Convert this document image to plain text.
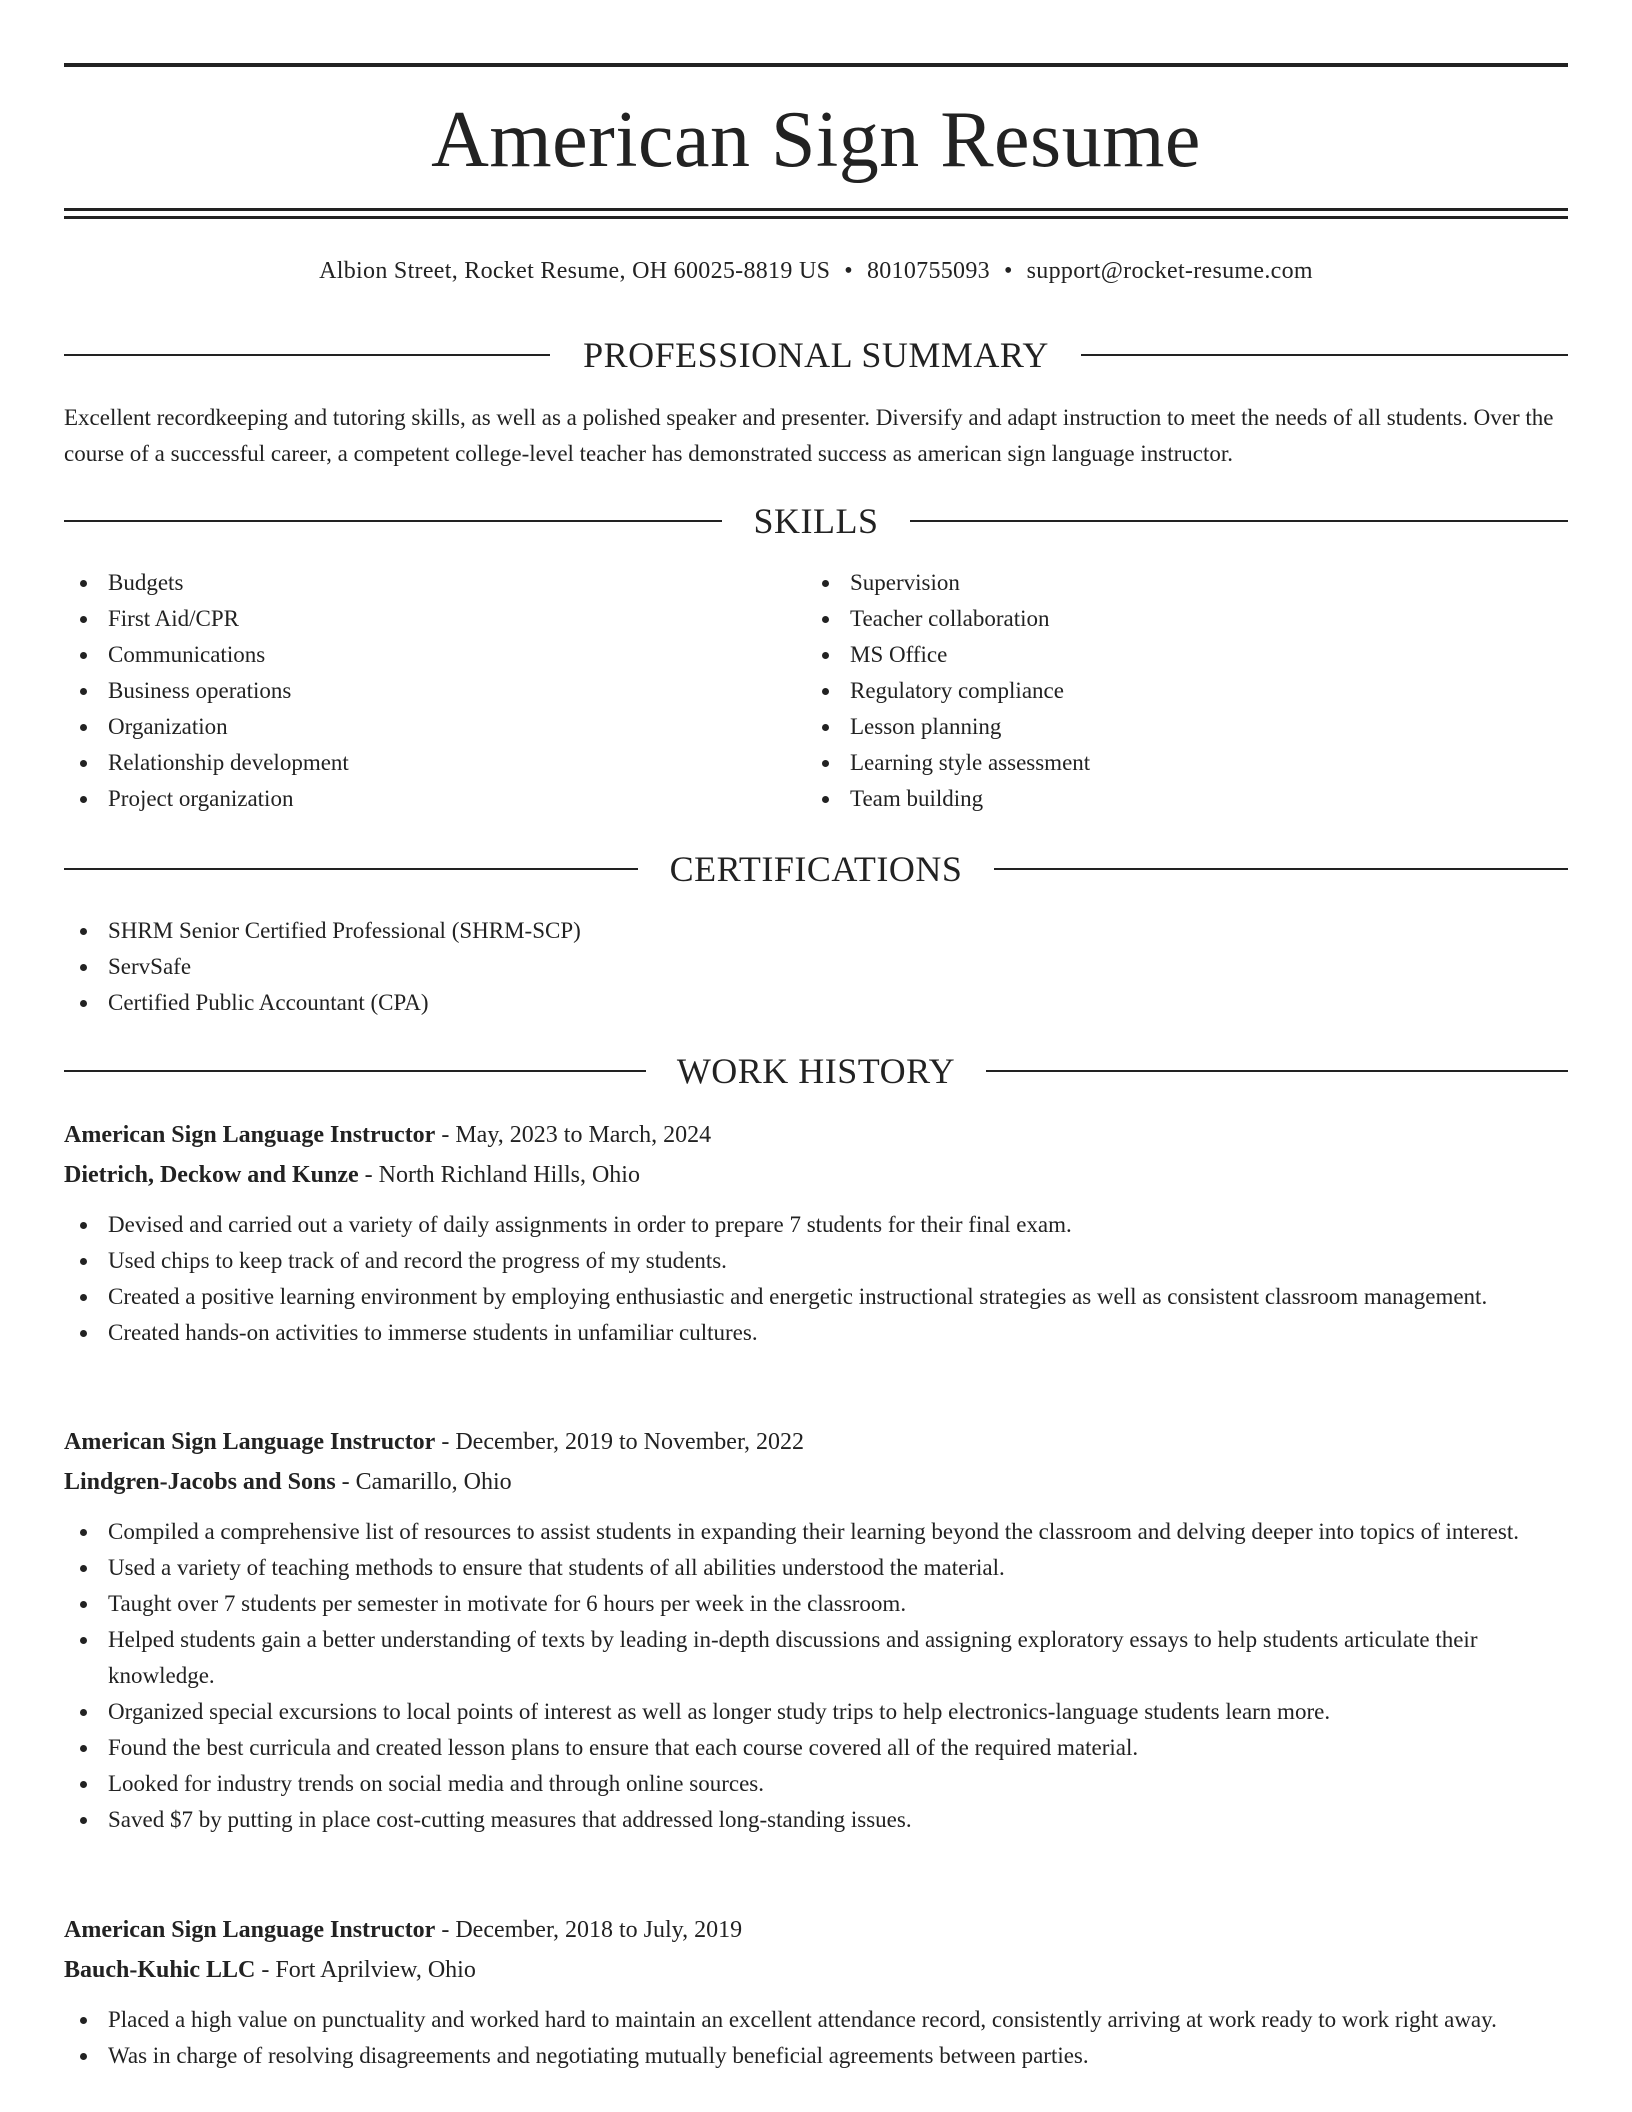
American Sign Resume
Albion Street, Rocket Resume, OH 60025-8819 US • 8010755093 • support@rocket-resume.com
PROFESSIONAL SUMMARY

Excellent recordkeeping and tutoring skills, as well as a polished speaker and presenter. Diversify and adapt instruction to meet the needs of all students. Over the course of a successful career, a competent college-level teacher has demonstrated success as american sign language instructor.

SKILLS
Budgets
First Aid/CPR
Communications
Business operations
Organization
Relationship development
Project organization
Supervision
Teacher collaboration
MS Office
Regulatory compliance
Lesson planning
Learning style assessment
Team building
CERTIFICATIONS
SHRM Senior Certified Professional (SHRM-SCP)
ServSafe
Certified Public Accountant (CPA)
WORK HISTORY

American Sign Language Instructor - May, 2023 to March, 2024

Dietrich, Deckow and Kunze - North Richland Hills, Ohio

Devised and carried out a variety of daily assignments in order to prepare 7 students for their final exam.
Used chips to keep track of and record the progress of my students.
Created a positive learning environment by employing enthusiastic and energetic instructional strategies as well as consistent classroom management.
Created hands-on activities to immerse students in unfamiliar cultures.

American Sign Language Instructor - December, 2019 to November, 2022

Lindgren-Jacobs and Sons - Camarillo, Ohio

Compiled a comprehensive list of resources to assist students in expanding their learning beyond the classroom and delving deeper into topics of interest.
Used a variety of teaching methods to ensure that students of all abilities understood the material.
Taught over 7 students per semester in motivate for 6 hours per week in the classroom.
Helped students gain a better understanding of texts by leading in-depth discussions and assigning exploratory essays to help students articulate their knowledge.
Organized special excursions to local points of interest as well as longer study trips to help electronics-language students learn more.
Found the best curricula and created lesson plans to ensure that each course covered all of the required material.
Looked for industry trends on social media and through online sources.
Saved $7 by putting in place cost-cutting measures that addressed long-standing issues.

American Sign Language Instructor - December, 2018 to July, 2019

Bauch-Kuhic LLC - Fort Aprilview, Ohio

Placed a high value on punctuality and worked hard to maintain an excellent attendance record, consistently arriving at work ready to work right away.
Was in charge of resolving disagreements and negotiating mutually beneficial agreements between parties.
